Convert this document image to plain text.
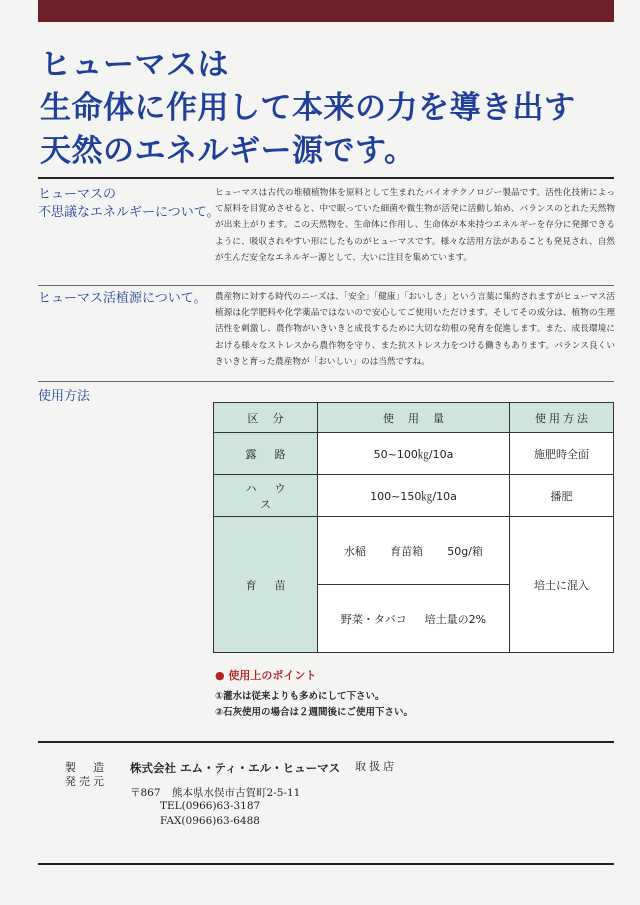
ヒューマスは
生命体に作用して本来の力を導き出す
天然のエネルギー源です。
ヒューマスの
不思議なエネルギーについて。
ヒューマスは古代の堆積植物体を原料として生まれたバイオテクノロジー製品です。活性化技術によって原料を目覚めさせると、中で眠っていた細菌や微生物が活発に活動し始め、バランスのとれた天然物が出来上がります。この天然物を、生命体に作用し、生命体が本来持つエネルギーを存分に発揮できるように、吸収されやすい形にしたものがヒューマスです。様々な活用方法があることも発見され、自然が生んだ安全なエネルギー源として、大いに注目を集めています。
ヒューマス活植源について。 農産物に対する時代のニーズは、「安全」「健康」「おいしさ」という言葉に集約されますがヒューマス活植源は化学肥料や化学薬品ではないので安心してご使用いただけます。そしてその成分は、植物の生理活性を刺激し、農作物がいきいきと成長するために大切な幼根の発育を促進します。また、成長環境における様々なストレスから農作物を守り、また抗ストレス力をつける働きもあります。バランス良くいきいきと育った農産物が「おいしい」のは当然ですね。
使用方法
区分	使用量	使用方法
露路	50~100㎏/10a	施肥時全面
ハウス	100~150㎏/10a	播肥
育苗	水稲 育苗箱 50g/箱	培土に混入

	野菜・タバコ 培土量の2%	
● 使用上のポイント
①灌水は従来よりも多めにして下さい。
②石灰使用の場合は２週間後にご使用下さい。
製　造
発売元
株式会社 エム・ティ・エル・ヒューマス 取扱店
〒867 熊本県水俣市古賀町2-5-11
TEL(0966)63-3187
FAX(0966)63-6488
